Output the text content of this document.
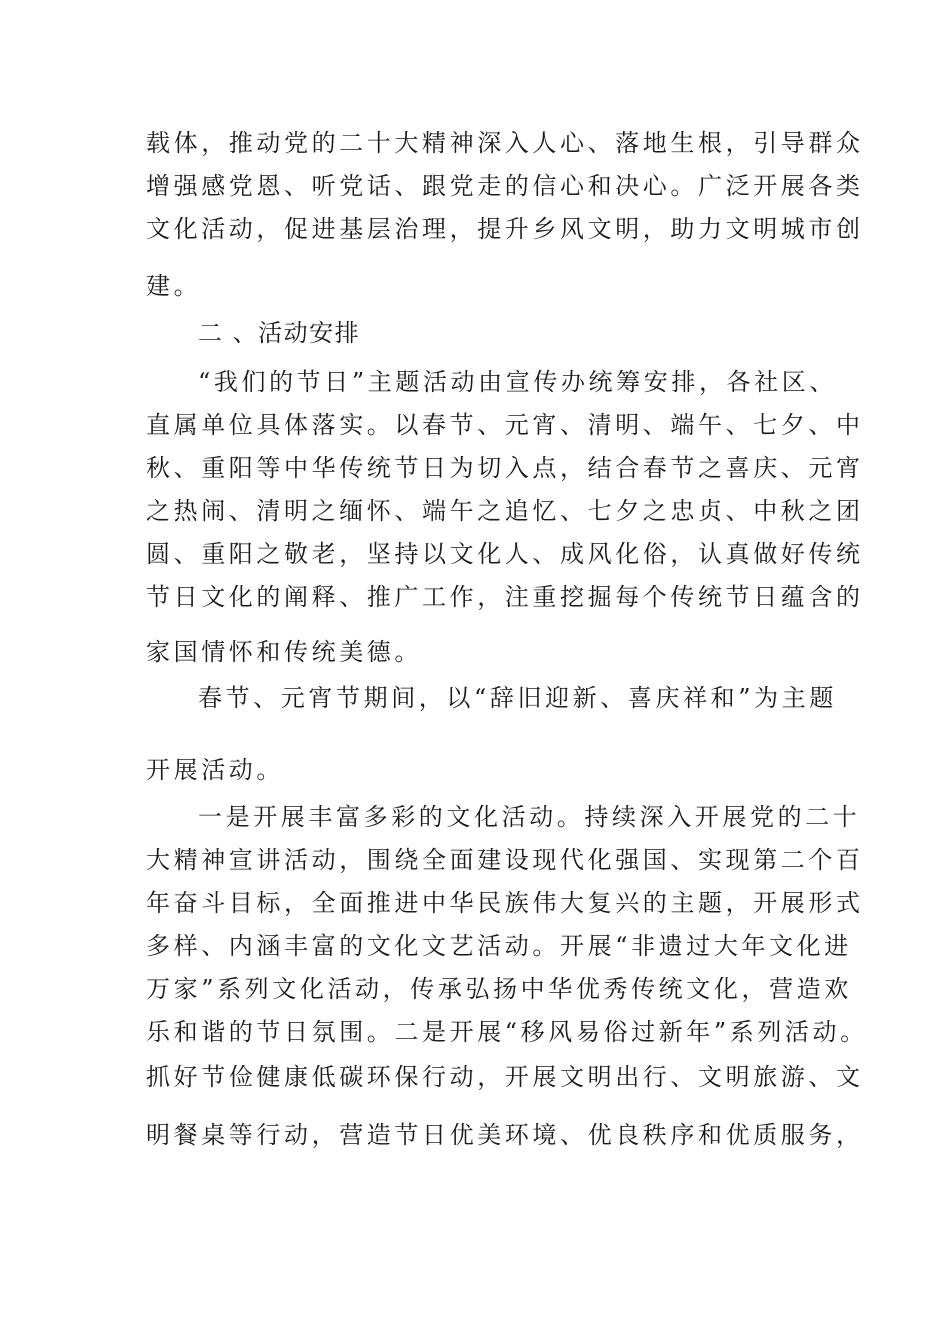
载体，推动党的二十大精神深入人心、落地生根，引导群众
增强感党恩、听党话、跟党走的信心和决心。广泛开展各类
文化活动，促进基层治理，提升乡风文明，助力文明城市创
建。
二 、活动安排
“我们的节日”主题活动由宣传办统筹安排，各社区、
直属单位具体落实。以春节、元宵、清明、端午、七夕、中
秋、重阳等中华传统节日为切入点，结合春节之喜庆、元宵
之热闹、清明之缅怀、端午之追忆、七夕之忠贞、中秋之团
圆、重阳之敬老，坚持以文化人、成风化俗，认真做好传统
节日文化的阐释、推广工作，注重挖掘每个传统节日蕴含的
家国情怀和传统美德。
春节、元宵节期间，以“辞旧迎新、喜庆祥和”为主题
开展活动。
一是开展丰富多彩的文化活动。持续深入开展党的二十
大精神宣讲活动，围绕全面建设现代化强国、实现第二个百
年奋斗目标，全面推进中华民族伟大复兴的主题，开展形式
多样、内涵丰富的文化文艺活动。开展“非遗过大年文化进
万家”系列文化活动，传承弘扬中华优秀传统文化，营造欢
乐和谐的节日氛围。二是开展“移风易俗过新年”系列活动。
抓好节俭健康低碳环保行动，开展文明出行、文明旅游、文
明餐桌等行动，营造节日优美环境、优良秩序和优质服务，
